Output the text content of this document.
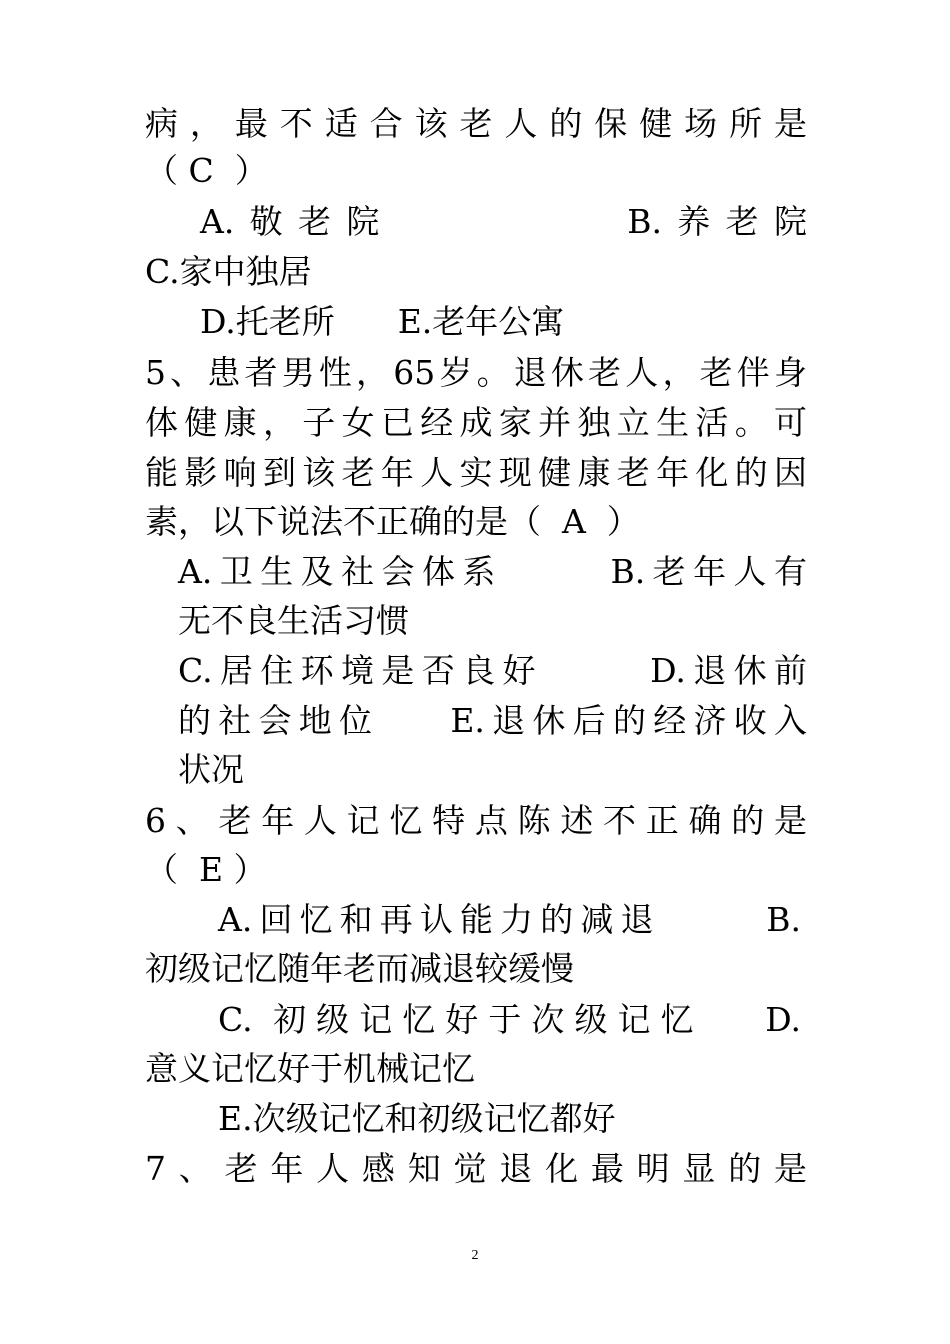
病，最不适合该老人的保健场所是
（ C  ）
A.敬老院         B.养老院
C.家中独居
D.托老所      E.老年公寓
5、患者男性，65岁。退休老人，老伴身
体健康，子女已经成家并独立生活。可
能影响到该老年人实现健康老年化的因
素，以下说法不正确的是（  A  ）
A.卫生及社会体系      B.老年人有
无不良生活习惯
C.居住环境是否良好      D.退休前
的社会地位    E.退休后的经济收入
状况
6、老年人记忆特点陈述不正确的是
（  E ）
A.回忆和再认能力的减退      B.
初级记忆随年老而减退较缓慢
C. 初级记忆好于次级记忆   D.
意义记忆好于机械记忆
E.次级记忆和初级记忆都好
7、老年人感知觉退化最明显的是
2
